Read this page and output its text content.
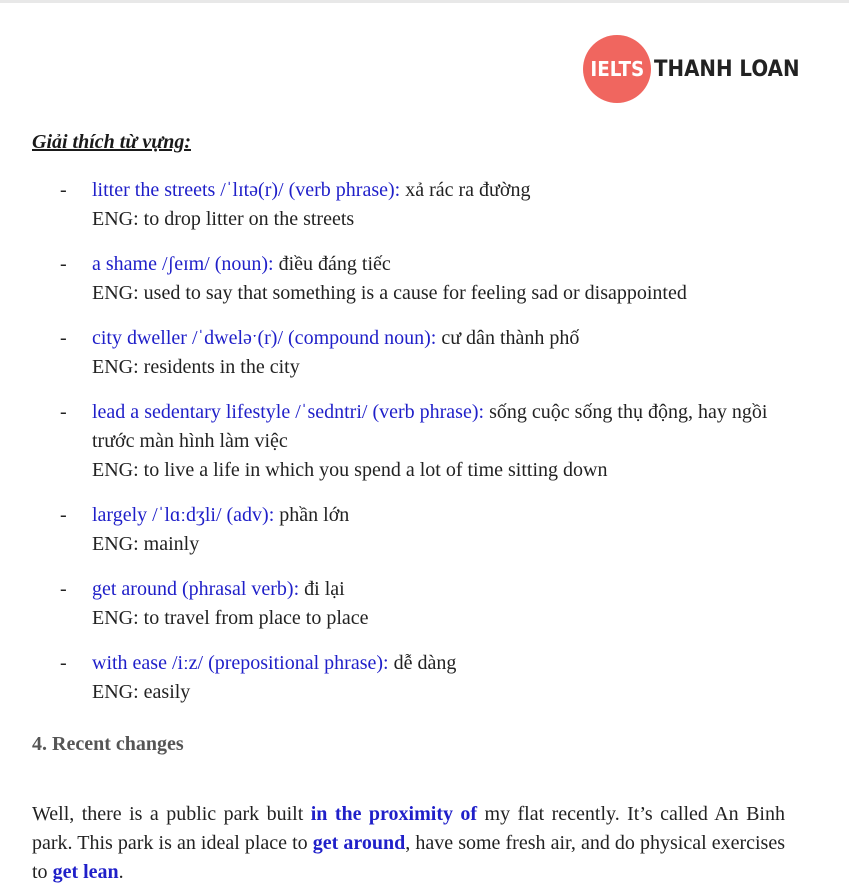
IELTS THANH LOAN
Giải thích từ vựng:
- litter the streets /ˈlɪtə(r)/ (verb phrase): xả rác ra đường
ENG: to drop litter on the streets
- a shame /ʃeɪm/ (noun): điều đáng tiếc
ENG: used to say that something is a cause for feeling sad or disappointed
- city dweller /ˈdweləˑ(r)/ (compound noun): cư dân thành phố
ENG: residents in the city
- lead a sedentary lifestyle /ˈsedntri/ (verb phrase): sống cuộc sống thụ động, hay ngồi trước màn hình làm việc
ENG: to live a life in which you spend a lot of time sitting down
- largely /ˈlɑːdʒli/ (adv): phần lớn
ENG: mainly
- get around (phrasal verb): đi lại
ENG: to travel from place to place
- with ease /iːz/ (prepositional phrase): dễ dàng
ENG: easily
4. Recent changes

Well, there is a public park built in the proximity of my flat recently. It’s called An Binh park. This park is an ideal place to get around, have some fresh air, and do physical exercises to get lean.
